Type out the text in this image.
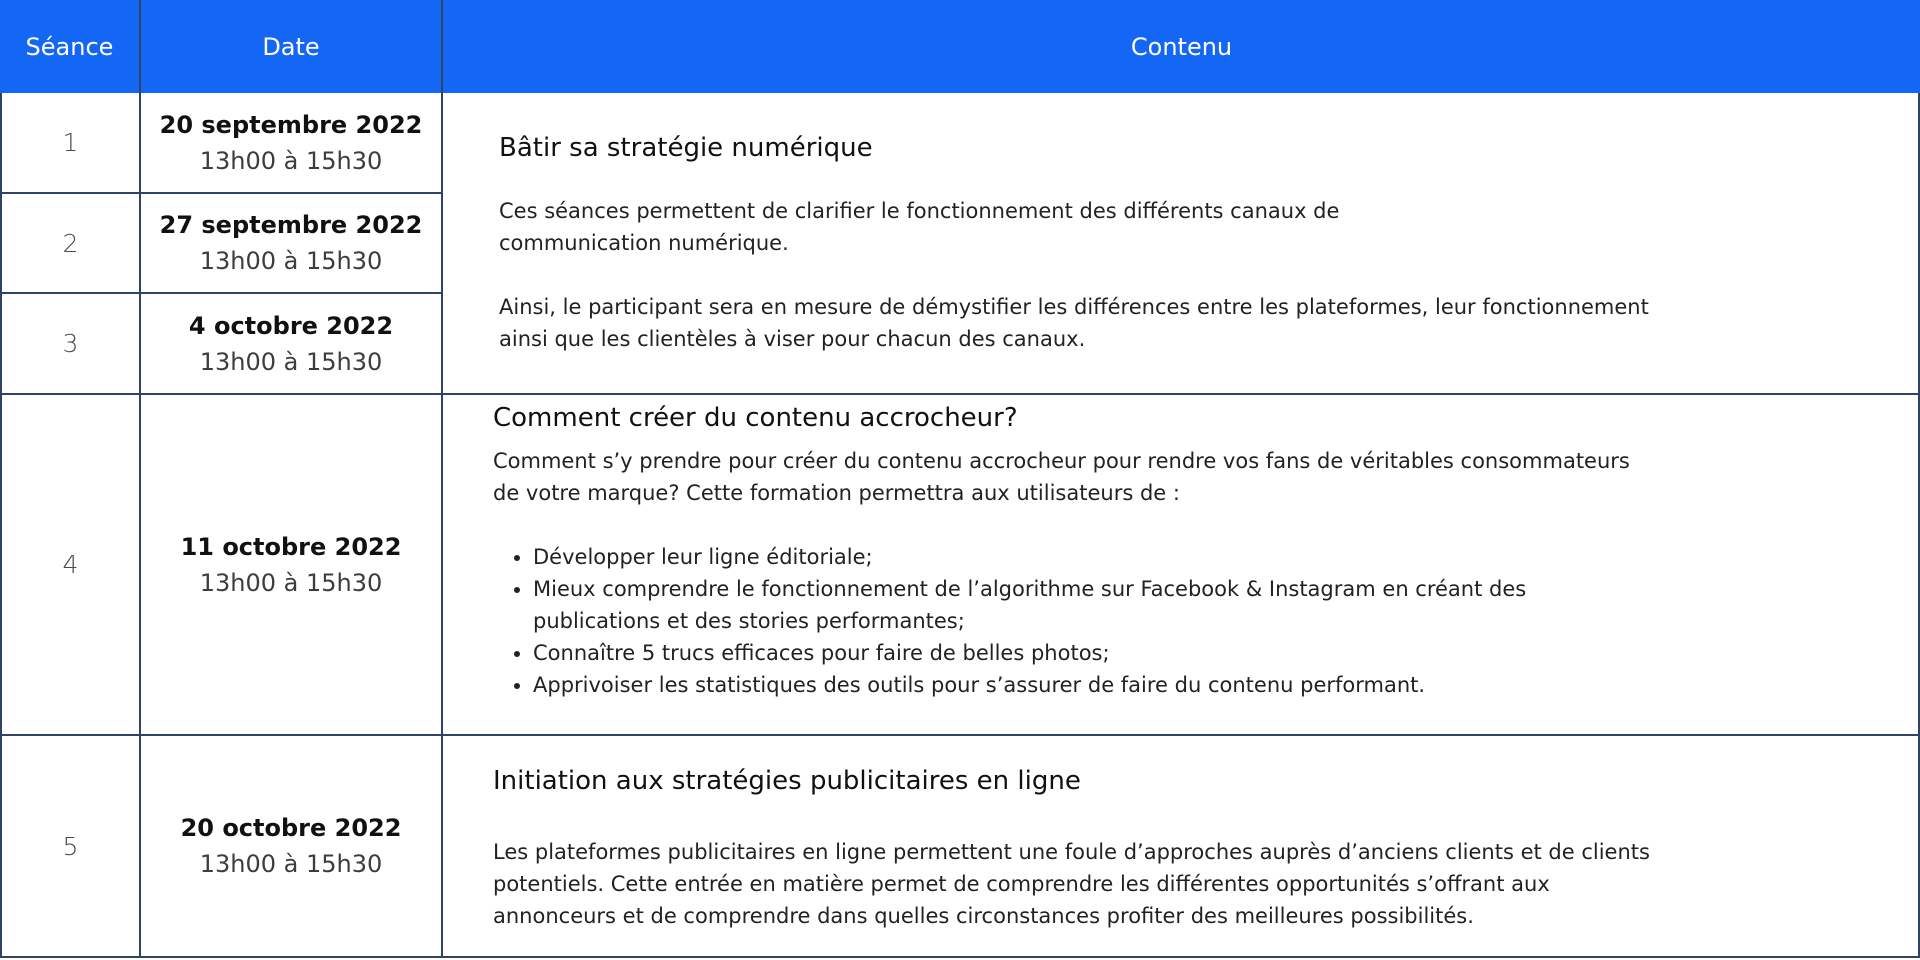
Séance	Date	Contenu
1
20 septembre 2022
13h00 à 15h30
2
27 septembre 2022
13h00 à 15h30
3
4 octobre 2022
13h00 à 15h30
Bâtir sa stratégie numérique

Ces séances permettent de clarifier le fonctionnement des différents canaux de
communication numérique.

Ainsi, le participant sera en mesure de démystifier les différences entre les plateformes, leur fonctionnement
ainsi que les clientèles à viser pour chacun des canaux.

4
11 octobre 2022
13h00 à 15h30
Comment créer du contenu accrocheur?

Comment s’y prendre pour créer du contenu accrocheur pour rendre vos fans de véritables consommateurs
de votre marque? Cette formation permettra aux utilisateurs de :

• Développer leur ligne éditoriale;
• Mieux comprendre le fonctionnement de l’algorithme sur Facebook & Instagram en créant des
publications et des stories performantes;
• Connaître 5 trucs efficaces pour faire de belles photos;
• Apprivoiser les statistiques des outils pour s’assurer de faire du contenu performant.
5
20 octobre 2022
13h00 à 15h30
Initiation aux stratégies publicitaires en ligne

Les plateformes publicitaires en ligne permettent une foule d’approches auprès d’anciens clients et de clients
potentiels. Cette entrée en matière permet de comprendre les différentes opportunités s’offrant aux
annonceurs et de comprendre dans quelles circonstances profiter des meilleures possibilités.
